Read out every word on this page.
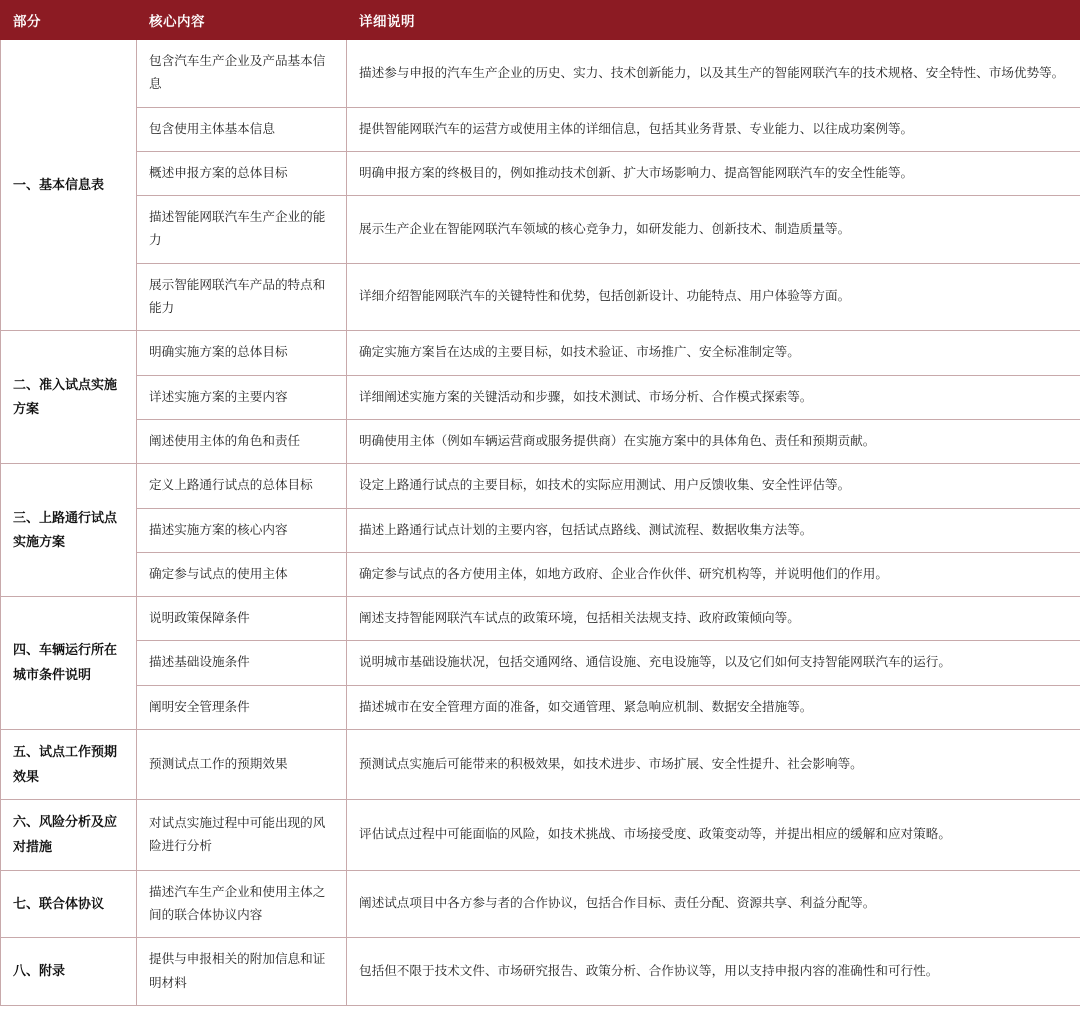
部分	核心内容	详细说明
一、基本信息表	包含汽车生产企业及产品基本信息	描述参与申报的汽车生产企业的历史、实力、技术创新能力，以及其生产的智能网联汽车的技术规格、安全特性、市场优势等。
	包含使用主体基本信息	提供智能网联汽车的运营方或使用主体的详细信息，包括其业务背景、专业能力、以往成功案例等。
	概述申报方案的总体目标	明确申报方案的终极目的，例如推动技术创新、扩大市场影响力、提高智能网联汽车的安全性能等。
	描述智能网联汽车生产企业的能力	展示生产企业在智能网联汽车领域的核心竞争力，如研发能力、创新技术、制造质量等。
	展示智能网联汽车产品的特点和能力	详细介绍智能网联汽车的关键特性和优势，包括创新设计、功能特点、用户体验等方面。
二、准入试点实施方案	明确实施方案的总体目标	确定实施方案旨在达成的主要目标，如技术验证、市场推广、安全标准制定等。
	详述实施方案的主要内容	详细阐述实施方案的关键活动和步骤，如技术测试、市场分析、合作模式探索等。
	阐述使用主体的角色和责任	明确使用主体（例如车辆运营商或服务提供商）在实施方案中的具体角色、责任和预期贡献。
三、上路通行试点实施方案	定义上路通行试点的总体目标	设定上路通行试点的主要目标，如技术的实际应用测试、用户反馈收集、安全性评估等。
	描述实施方案的核心内容	描述上路通行试点计划的主要内容，包括试点路线、测试流程、数据收集方法等。
	确定参与试点的使用主体	确定参与试点的各方使用主体，如地方政府、企业合作伙伴、研究机构等，并说明他们的作用。
四、车辆运行所在城市条件说明	说明政策保障条件	阐述支持智能网联汽车试点的政策环境，包括相关法规支持、政府政策倾向等。
	描述基础设施条件	说明城市基础设施状况，包括交通网络、通信设施、充电设施等，以及它们如何支持智能网联汽车的运行。
	阐明安全管理条件	描述城市在安全管理方面的准备，如交通管理、紧急响应机制、数据安全措施等。
五、试点工作预期效果	预测试点工作的预期效果	预测试点实施后可能带来的积极效果，如技术进步、市场扩展、安全性提升、社会影响等。
六、风险分析及应对措施	对试点实施过程中可能出现的风险进行分析	评估试点过程中可能面临的风险，如技术挑战、市场接受度、政策变动等，并提出相应的缓解和应对策略。
七、联合体协议	描述汽车生产企业和使用主体之间的联合体协议内容	阐述试点项目中各方参与者的合作协议，包括合作目标、责任分配、资源共享、利益分配等。
八、附录	提供与申报相关的附加信息和证明材料	包括但不限于技术文件、市场研究报告、政策分析、合作协议等，用以支持申报内容的准确性和可行性。
